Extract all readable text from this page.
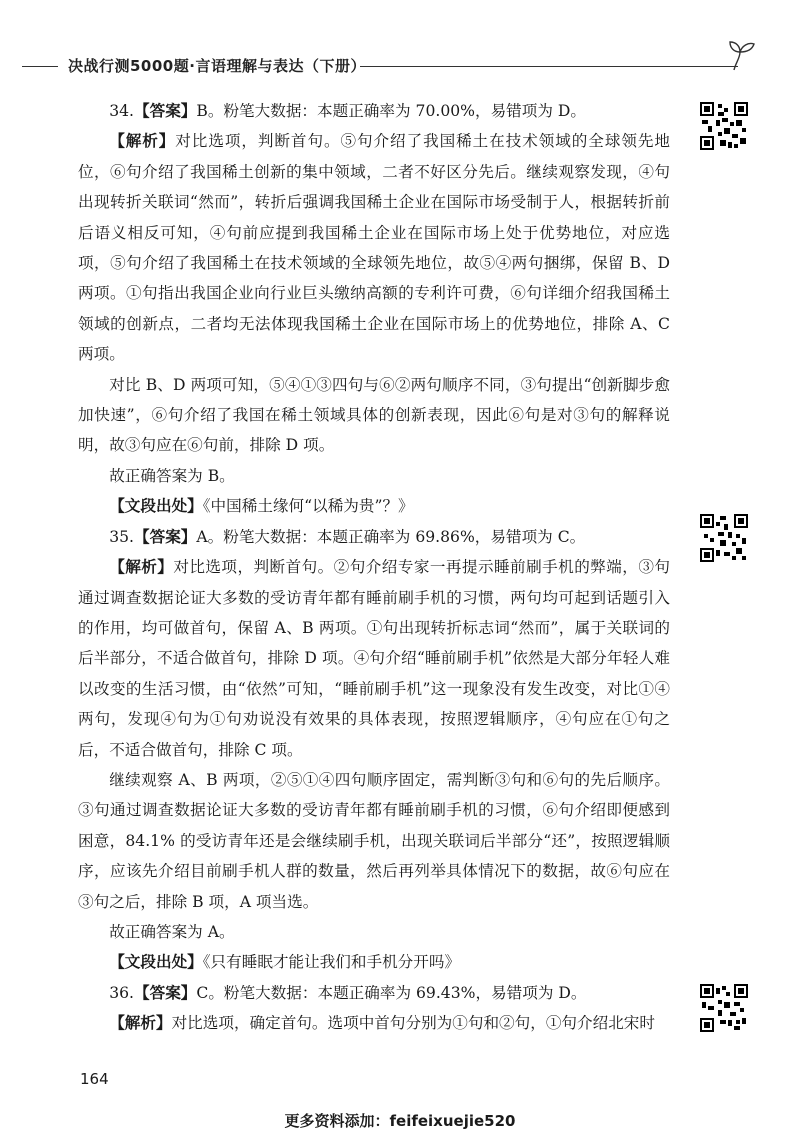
决战行测5000题·言语理解与表达（下册）

34.【答案】B。粉笔大数据：本题正确率为 70.00%，易错项为 D。

【解析】对比选项，判断首句。⑤句介绍了我国稀土在技术领域的全球领先地位，⑥句介绍了我国稀土创新的集中领域，二者不好区分先后。继续观察发现，④句出现转折关联词“然而”，转折后强调我国稀土企业在国际市场受制于人，根据转折前后语义相反可知，④句前应提到我国稀土企业在国际市场上处于优势地位，对应选项，⑤句介绍了我国稀土在技术领域的全球领先地位，故⑤④两句捆绑，保留 B、D 两项。①句指出我国企业向行业巨头缴纳高额的专利许可费，⑥句详细介绍我国稀土领域的创新点，二者均无法体现我国稀土企业在国际市场上的优势地位，排除 A、C 两项。

对比 B、D 两项可知，⑤④①③四句与⑥②两句顺序不同，③句提出“创新脚步愈加快速”，⑥句介绍了我国在稀土领域具体的创新表现，因此⑥句是对③句的解释说明，故③句应在⑥句前，排除 D 项。

故正确答案为 B。

【文段出处】《中国稀土缘何“以稀为贵”？》

35.【答案】A。粉笔大数据：本题正确率为 69.86%，易错项为 C。

【解析】对比选项，判断首句。②句介绍专家一再提示睡前刷手机的弊端，③句通过调查数据论证大多数的受访青年都有睡前刷手机的习惯，两句均可起到话题引入的作用，均可做首句，保留 A、B 两项。①句出现转折标志词“然而”，属于关联词的后半部分，不适合做首句，排除 D 项。④句介绍“睡前刷手机”依然是大部分年轻人难以改变的生活习惯，由“依然”可知，“睡前刷手机”这一现象没有发生改变，对比①④两句，发现④句为①句劝说没有效果的具体表现，按照逻辑顺序，④句应在①句之后，不适合做首句，排除 C 项。

继续观察 A、B 两项，②⑤①④四句顺序固定，需判断③句和⑥句的先后顺序。③句通过调查数据论证大多数的受访青年都有睡前刷手机的习惯，⑥句介绍即便感到困意，84.1% 的受访青年还是会继续刷手机，出现关联词后半部分“还”，按照逻辑顺序，应该先介绍目前刷手机人群的数量，然后再列举具体情况下的数据，故⑥句应在③句之后，排除 B 项，A 项当选。

故正确答案为 A。

【文段出处】《只有睡眠才能让我们和手机分开吗》

36.【答案】C。粉笔大数据：本题正确率为 69.43%，易错项为 D。

【解析】对比选项，确定首句。选项中首句分别为①句和②句，①句介绍北宋时

164
更多资料添加：feifeixuejie520
